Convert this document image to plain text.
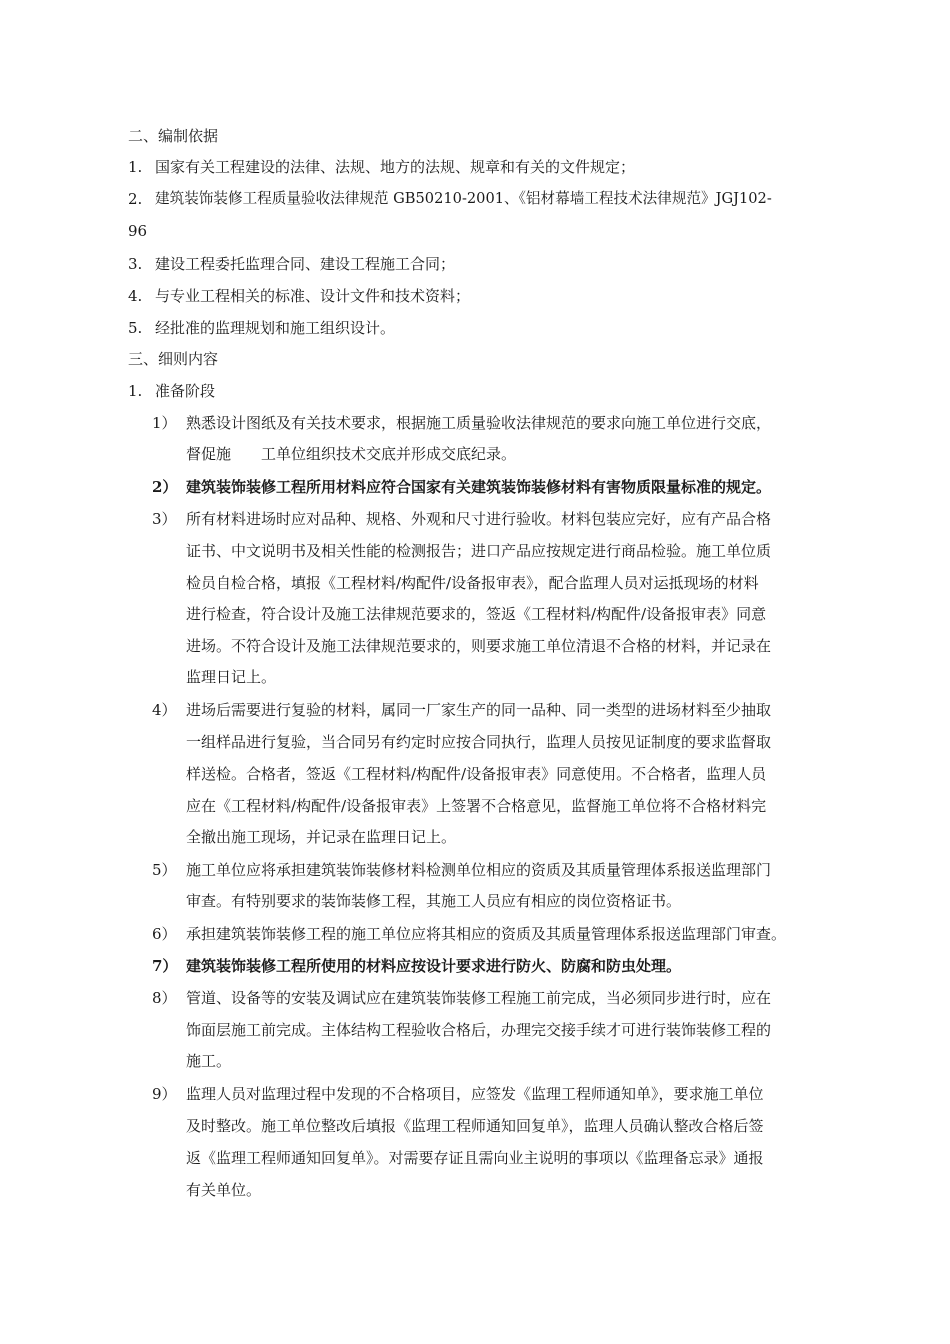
二、编制依据
1. 国家有关工程建设的法律、法规、地方的法规、规章和有关的文件规定；
2. 建筑装饰装修工程质量验收法律规范 GB50210-2001、《铝材幕墙工程技术法律规范》JGJ102-
96
3. 建设工程委托监理合同、建设工程施工合同；
4. 与专业工程相关的标准、设计文件和技术资料；
5. 经批准的监理规划和施工组织设计。
三、细则内容
1. 准备阶段
1） 熟悉设计图纸及有关技术要求，根据施工质量验收法律规范的要求向施工单位进行交底，
督促施　　工单位组织技术交底并形成交底纪录。
2） 建筑装饰装修工程所用材料应符合国家有关建筑装饰装修材料有害物质限量标准的规定。
3） 所有材料进场时应对品种、规格、外观和尺寸进行验收。材料包装应完好，应有产品合格
证书、中文说明书及相关性能的检测报告；进口产品应按规定进行商品检验。施工单位质
检员自检合格，填报《工程材料/构配件/设备报审表》，配合监理人员对运抵现场的材料
进行检查，符合设计及施工法律规范要求的，签返《工程材料/构配件/设备报审表》同意
进场。不符合设计及施工法律规范要求的，则要求施工单位清退不合格的材料，并记录在
监理日记上。
4） 进场后需要进行复验的材料，属同一厂家生产的同一品种、同一类型的进场材料至少抽取
一组样品进行复验，当合同另有约定时应按合同执行，监理人员按见证制度的要求监督取
样送检。合格者，签返《工程材料/构配件/设备报审表》同意使用。不合格者，监理人员
应在《工程材料/构配件/设备报审表》上签署不合格意见，监督施工单位将不合格材料完
全撤出施工现场，并记录在监理日记上。
5） 施工单位应将承担建筑装饰装修材料检测单位相应的资质及其质量管理体系报送监理部门
审查。有特别要求的装饰装修工程，其施工人员应有相应的岗位资格证书。
6） 承担建筑装饰装修工程的施工单位应将其相应的资质及其质量管理体系报送监理部门审查。
7） 建筑装饰装修工程所使用的材料应按设计要求进行防火、防腐和防虫处理。
8） 管道、设备等的安装及调试应在建筑装饰装修工程施工前完成，当必须同步进行时，应在
饰面层施工前完成。主体结构工程验收合格后，办理完交接手续才可进行装饰装修工程的
施工。
9） 监理人员对监理过程中发现的不合格项目，应签发《监理工程师通知单》，要求施工单位
及时整改。施工单位整改后填报《监理工程师通知回复单》，监理人员确认整改合格后签
返《监理工程师通知回复单》。对需要存证且需向业主说明的事项以《监理备忘录》通报
有关单位。
